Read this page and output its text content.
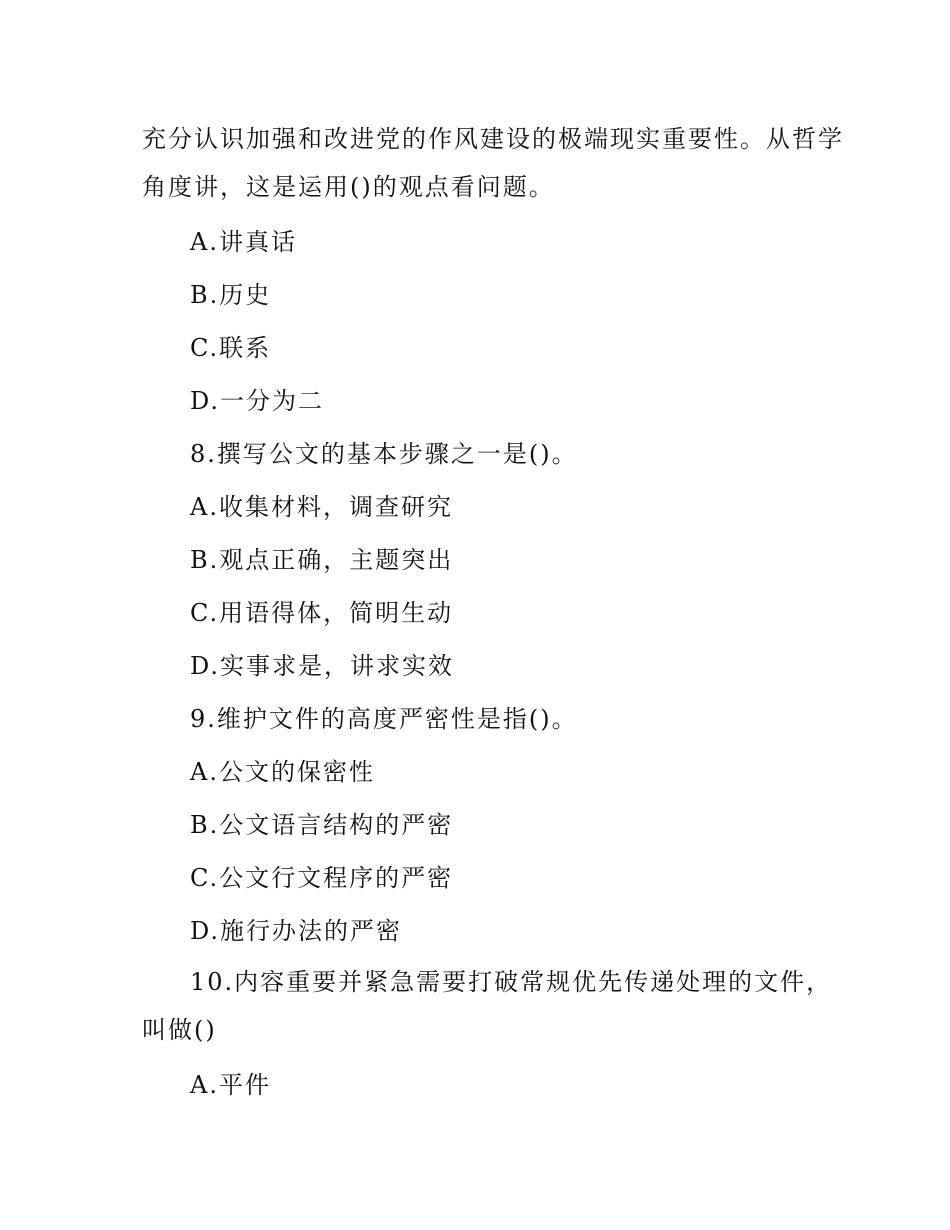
充分认识加强和改进党的作风建设的极端现实重要性。从哲学
角度讲，这是运用()的观点看问题。
A.讲真话
B.历史
C.联系
D.一分为二
8.撰写公文的基本步骤之一是()。
A.收集材料，调查研究
B.观点正确，主题突出
C.用语得体，简明生动
D.实事求是，讲求实效
9.维护文件的高度严密性是指()。
A.公文的保密性
B.公文语言结构的严密
C.公文行文程序的严密
D.施行办法的严密
10.内容重要并紧急需要打破常规优先传递处理的文件，
叫做()
A.平件
